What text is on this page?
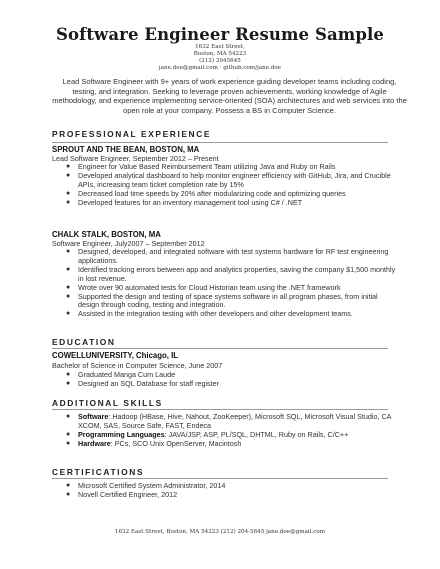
Software Engineer Resume Sample
1632 East Street,
Boston, MA 54223
(212) 2045645
jane.doe@gmail.com · github.com/jane.doe
Lead Software Engineer with 9+ years of work experience guiding developer teams including coding, testing, and integration. Seeking to leverage proven achievements, working knowledge of Agile methodology, and experience implementing service-oriented (SOA) architectures and web services into the open role at your company. Possess a BS in Computer Science.
PROFESSIONAL EXPERIENCE
SPROUT AND THE BEAN, BOSTON, MA
Lead Software Engineer, September 2012 – Present
● Engineer for Value Based Reimbursement Team utilizing Java and Ruby on Rails
● Developed analytical dashboard to help monitor engineer efficiency with GitHub, Jira, and Crucible APIs, increasing team ticket completion rate by 15%
● Decreased load time speeds by 20% after modularizing code and optimizing queries
● Developed features for an inventory management tool using C# / .NET
CHALK STALK, BOSTON, MA
Software Engineer, July2007 – September 2012
● Designed, developed, and integrated software with test systems hardware for RF test engineering applications.
● Identified tracking errors between app and analytics properties, saving the company $1,500 monthly in lost revenue.
● Wrote over 90 automated tests for Cloud Historian team using the .NET framework
● Supported the design and testing of space systems software in all program phases, from initial design through coding, testing and integration.
● Assisted in the integration testing with other developers and other development teams.
EDUCATION
COWELLUNIVERSITY, Chicago, IL
Bachelor of Science in Computer Science, June 2007
● Graduated Manga Cum Laude
● Designed an SQL Database for staff register
ADDITIONAL SKILLS
● Software: Hadoop (HBase, Hive, Nahout, ZooKeeper), Microsoft SQL, Microsoft Visual Studio, CA XCOM, SAS, Source Safe, FAST, Endeca
● Programming Languages: JAVA/JSP, ASP, PL/SQL, DHTML, Ruby on Rails, C/C++
● Hardware: PCs, SCO Unix OpenServer, Macintosh
CERTIFICATIONS
● Microsoft Certified System Administrator, 2014
● Novell Certified Engineer, 2012
1632 East Street, Boston, MA 54223 (212) 204-5645 jane.doe@gmail.com
